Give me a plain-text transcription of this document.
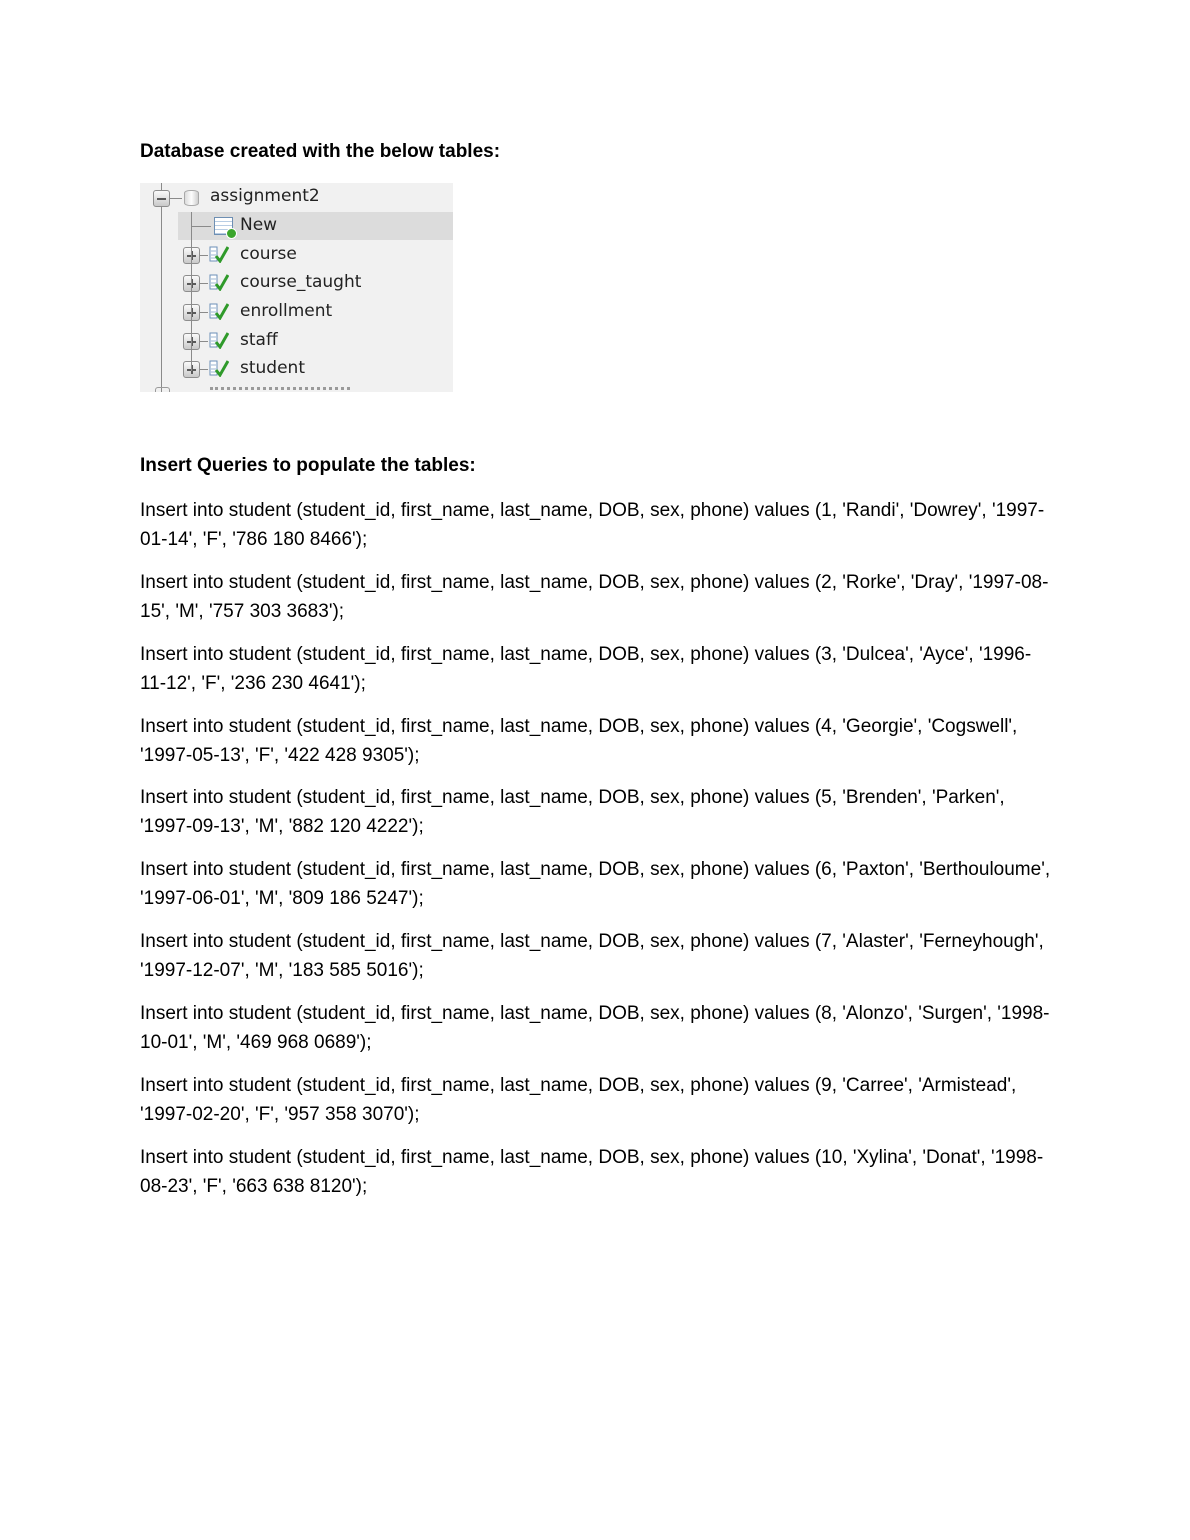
Database created with the below tables:
assignment2
New
course
course_taught
enrollment
staff
student
Insert Queries to populate the tables:

Insert into student (student_id, first_name, last_name, DOB, sex, phone) values (1, 'Randi', 'Dowrey', '1997-01-14', 'F', '786 180 8466');

Insert into student (student_id, first_name, last_name, DOB, sex, phone) values (2, 'Rorke', 'Dray', '1997-08-15', 'M', '757 303 3683');

Insert into student (student_id, first_name, last_name, DOB, sex, phone) values (3, 'Dulcea', 'Ayce', '1996-11-12', 'F', '236 230 4641');

Insert into student (student_id, first_name, last_name, DOB, sex, phone) values (4, 'Georgie', 'Cogswell', '1997-05-13', 'F', '422 428 9305');

Insert into student (student_id, first_name, last_name, DOB, sex, phone) values (5, 'Brenden', 'Parken', '1997-09-13', 'M', '882 120 4222');

Insert into student (student_id, first_name, last_name, DOB, sex, phone) values (6, 'Paxton', 'Berthouloume', '1997-06-01', 'M', '809 186 5247');

Insert into student (student_id, first_name, last_name, DOB, sex, phone) values (7, 'Alaster', 'Ferneyhough', '1997-12-07', 'M', '183 585 5016');

Insert into student (student_id, first_name, last_name, DOB, sex, phone) values (8, 'Alonzo', 'Surgen', '1998-10-01', 'M', '469 968 0689');

Insert into student (student_id, first_name, last_name, DOB, sex, phone) values (9, 'Carree', 'Armistead', '1997-02-20', 'F', '957 358 3070');

Insert into student (student_id, first_name, last_name, DOB, sex, phone) values (10, 'Xylina', 'Donat', '1998-08-23', 'F', '663 638 8120');
